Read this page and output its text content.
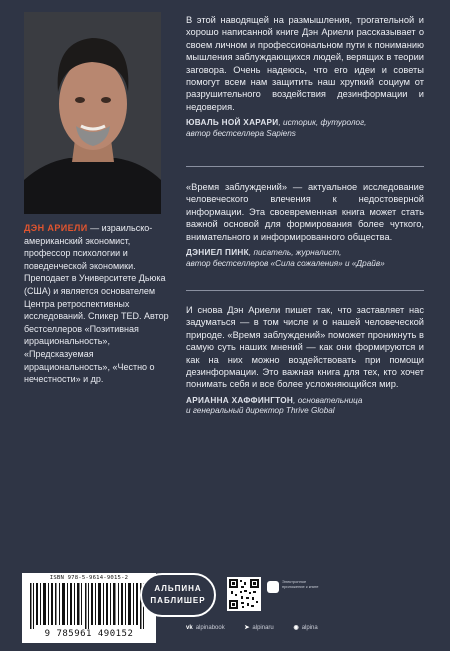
ДЭН АРИЕЛИ — израильско-американский экономист, профессор психологии и поведенческой экономики. Преподает в Университете Дьюка (США) и является основателем Центра ретроспективных исследований. Спикер TED. Автор бестселлеров «Позитивная иррациональность», «Предсказуемая иррациональность», «Честно о нечестности» и др.
В этой наводящей на размышления, трогательной и хорошо написанной книге Дэн Ариели рассказывает о своем личном и профессиональном пути к пониманию мышления заблуждающихся людей, верящих в теории заговора. Очень надеюсь, что его идеи и советы помогут всем нам защитить наш хрупкий социум от разрушительного воздействия дезинформации и недоверия.
ЮВАЛЬ НОЙ ХАРАРИ, историк, футуролог,
автор бестселлера Sapiens
«Время заблуждений» — актуальное исследование человеческого влечения к недостоверной информации. Эта своевременная книга может стать важной основой для формирования более чуткого, внимательного и информированного общества.
ДЭНИЕЛ ПИНК, писатель, журналист,
автор бестселлеров «Сила сожаления» и «Драйв»
И снова Дэн Ариели пишет так, что заставляет нас задуматься — в том числе и о нашей человеческой природе. «Время заблуждений» поможет проникнуть в самую суть наших мнений — как они формируются и как на них можно воздействовать при помощи дезинформации. Это важная книга для тех, кто хочет понимать себя и все более усложняющийся мир.
АРИАННА ХАФФИНГТОН, основательница
и генеральный директор Thrive Global
ISBN 978-5-9614-9015-2
9 785961 490152
АЛЬПИНА
ПАБЛИШЕР
Электронное приложение к книге
vk alpinabook	➤ alpinaru	◉ alpina
